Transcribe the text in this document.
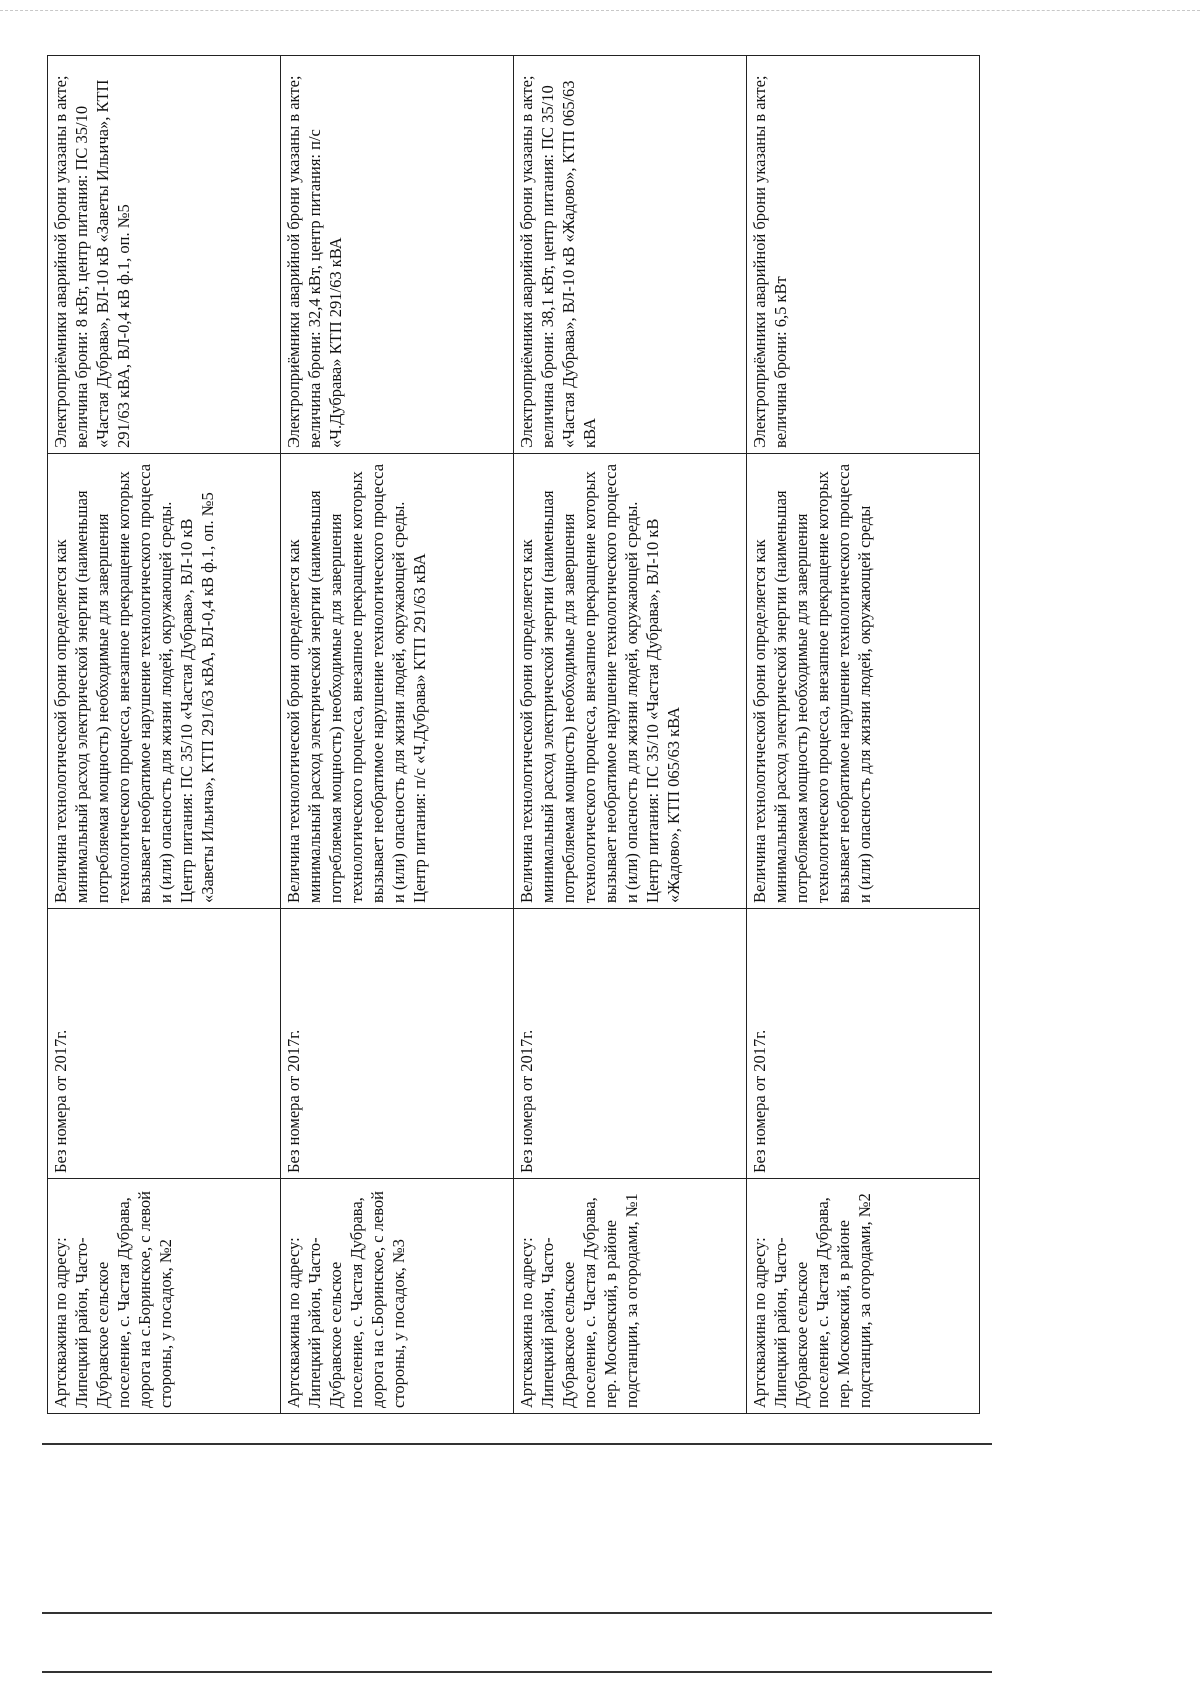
Артскважина по адресу: Липецкий район, Часто-Дубравское сельское поселение, с. Частая Дубрава, дорога на с.Боринское, с левой стороны, у посадок, №2	Без номера от 2017г.	Величина технологической брони определяется как минимальный расход электрической энергии (наименьшая потребляемая мощность) необходимые для завершения технологического процесса, внезапное прекращение которых вызывает необратимое нарушение технологического процесса и (или) опасность для жизни людей, окружающей среды. Центр питания: ПС 35/10 «Частая Дубрава», ВЛ-10 кВ «Заветы Ильича», КТП 291/63 кВА, ВЛ-0,4 кВ ф.1, оп. №5	Электроприёмники аварийной брони указаны в акте; величина брони: 8 кВт, центр питания: ПС 35/10 «Частая Дубрава», ВЛ-10 кВ «Заветы Ильича», КТП 291/63 кВА, ВЛ-0,4 кВ ф.1, оп. №5
Артскважина по адресу: Липецкий район, Часто-Дубравское сельское поселение, с. Частая Дубрава, дорога на с.Боринское, с левой стороны, у посадок, №3	Без номера от 2017г.	Величина технологической брони определяется как минимальный расход электрической энергии (наименьшая потребляемая мощность) необходимые для завершения технологического процесса, внезапное прекращение которых вызывает необратимое нарушение технологического процесса и (или) опасность для жизни людей, окружающей среды. Центр питания: п/с «Ч.Дубрава» КТП 291/63 кВА	Электроприёмники аварийной брони указаны в акте; величина брони: 32,4 кВт, центр питания: п/с «Ч.Дубрава» КТП 291/63 кВА
Артскважина по адресу: Липецкий район, Часто-Дубравское сельское поселение, с. Частая Дубрава, пер. Московский, в районе подстанции, за огородами, №1	Без номера от 2017г.	Величина технологической брони определяется как минимальный расход электрической энергии (наименьшая потребляемая мощность) необходимые для завершения технологического процесса, внезапное прекращение которых вызывает необратимое нарушение технологического процесса и (или) опасность для жизни людей, окружающей среды. Центр питания: ПС 35/10 «Частая Дубрава», ВЛ-10 кВ «Жадово», КТП 065/63 кВА	Электроприёмники аварийной брони указаны в акте; величина брони: 38,1 кВт, центр питания: ПС 35/10 «Частая Дубрава», ВЛ-10 кВ «Жадово», КТП 065/63 кВА
Артскважина по адресу: Липецкий район, Часто-Дубравское сельское поселение, с. Частая Дубрава, пер. Московский, в районе подстанции, за огородами, №2	Без номера от 2017г.	Величина технологической брони определяется как минимальный расход электрической энергии (наименьшая потребляемая мощность) необходимые для завершения технологического процесса, внезапное прекращение которых вызывает необратимое нарушение технологического процесса и (или) опасность для жизни людей, окружающей среды	Электроприёмники аварийной брони указаны в акте; величина брони: 6,5 кВт
